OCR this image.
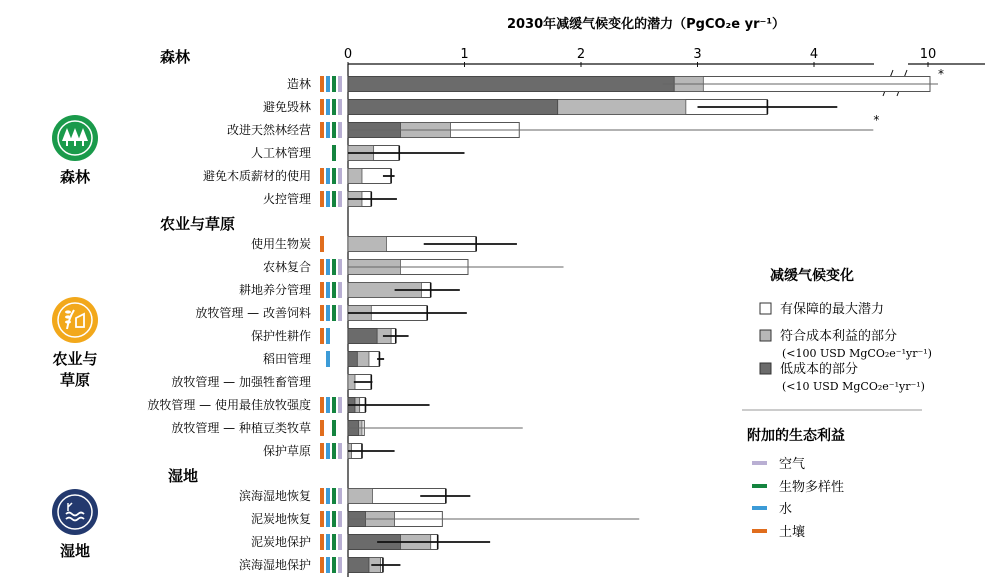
森林
农业与
草原
湿地
森林
农业与草原
湿地
2030年减缓气候变化的潜力（PgCO₂e yr⁻¹）
0	1	2	3	4	10
造林
*
避免毁林
改进天然林经营
*
人工林管理
避免木质薪材的使用
火控管理
使用生物炭
农林复合
耕地养分管理
放牧管理 — 改善饲料
保护性耕作
稻田管理
放牧管理 — 加强牲畜管理
放牧管理 — 使用最佳放牧强度
放牧管理 — 种植豆类牧草
保护草原
滨海湿地恢复
泥炭地恢复
泥炭地保护
滨海湿地保护
减缓气候变化
有保障的最大潜力
符合成本利益的部分
(<100 USD MgCO₂e⁻¹yr⁻¹)
低成本的部分
(<10 USD MgCO₂e⁻¹yr⁻¹)
附加的生态利益
空气
生物多样性
水
土壤
